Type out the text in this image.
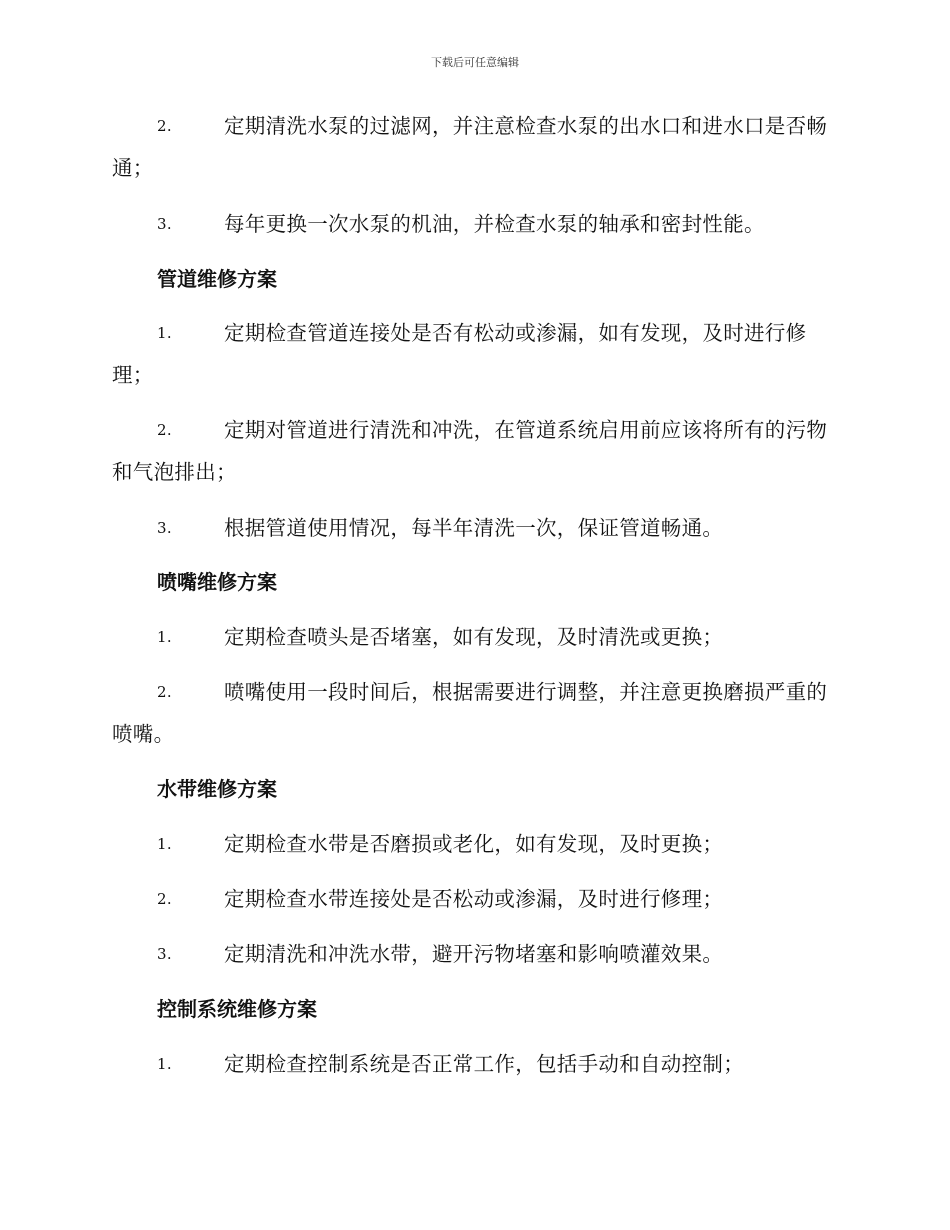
下载后可任意编辑
2.	定期清洗水泵的过滤网，并注意检查水泵的出水口和进水口是否畅通；

3.	每年更换一次水泵的机油，并检查水泵的轴承和密封性能。

管道维修方案
1.	定期检查管道连接处是否有松动或渗漏，如有发现，及时进行修理；

2.	定期对管道进行清洗和冲洗，在管道系统启用前应该将所有的污物和气泡排出；

3.	根据管道使用情况，每半年清洗一次，保证管道畅通。

喷嘴维修方案
1.	定期检查喷头是否堵塞，如有发现，及时清洗或更换；

2.	喷嘴使用一段时间后，根据需要进行调整，并注意更换磨损严重的喷嘴。

水带维修方案
1.	定期检查水带是否磨损或老化，如有发现，及时更换；

2.	定期检查水带连接处是否松动或渗漏，及时进行修理；

3.	定期清洗和冲洗水带，避开污物堵塞和影响喷灌效果。

控制系统维修方案
1.	定期检查控制系统是否正常工作，包括手动和自动控制；
